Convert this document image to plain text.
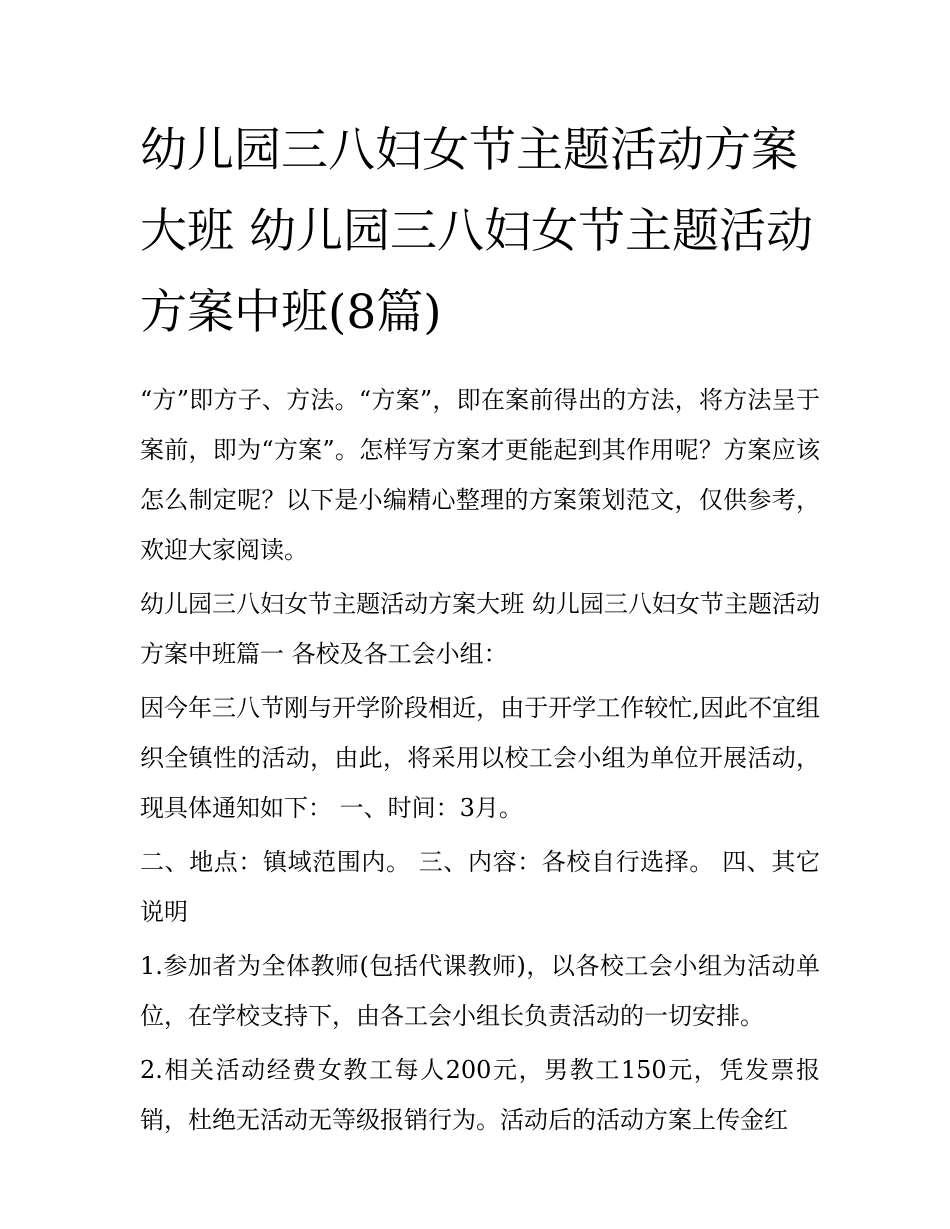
幼儿园三八妇女节主题活动方案大班 幼儿园三八妇女节主题活动方案中班(8篇)

“方”即方子、方法。“方案”，即在案前得出的方法，将方法呈于案前，即为“方案”。怎样写方案才更能起到其作用呢？方案应该怎么制定呢？以下是小编精心整理的方案策划范文，仅供参考，欢迎大家阅读。

幼儿园三八妇女节主题活动方案大班 幼儿园三八妇女节主题活动方案中班篇一 各校及各工会小组：

因今年三八节刚与开学阶段相近，由于开学工作较忙,因此不宜组织全镇性的活动，由此，将采用以校工会小组为单位开展活动，现具体通知如下： 一、时间：3月。

二、地点：镇域范围内。 三、内容：各校自行选择。 四、其它说明

1.参加者为全体教师(包括代课教师)，以各校工会小组为活动单位，在学校支持下，由各工会小组长负责活动的一切安排。

2.相关活动经费女教工每人200元，男教工150元，凭发票报销，杜绝无活动无等级报销行为。活动后的活动方案上传金红
